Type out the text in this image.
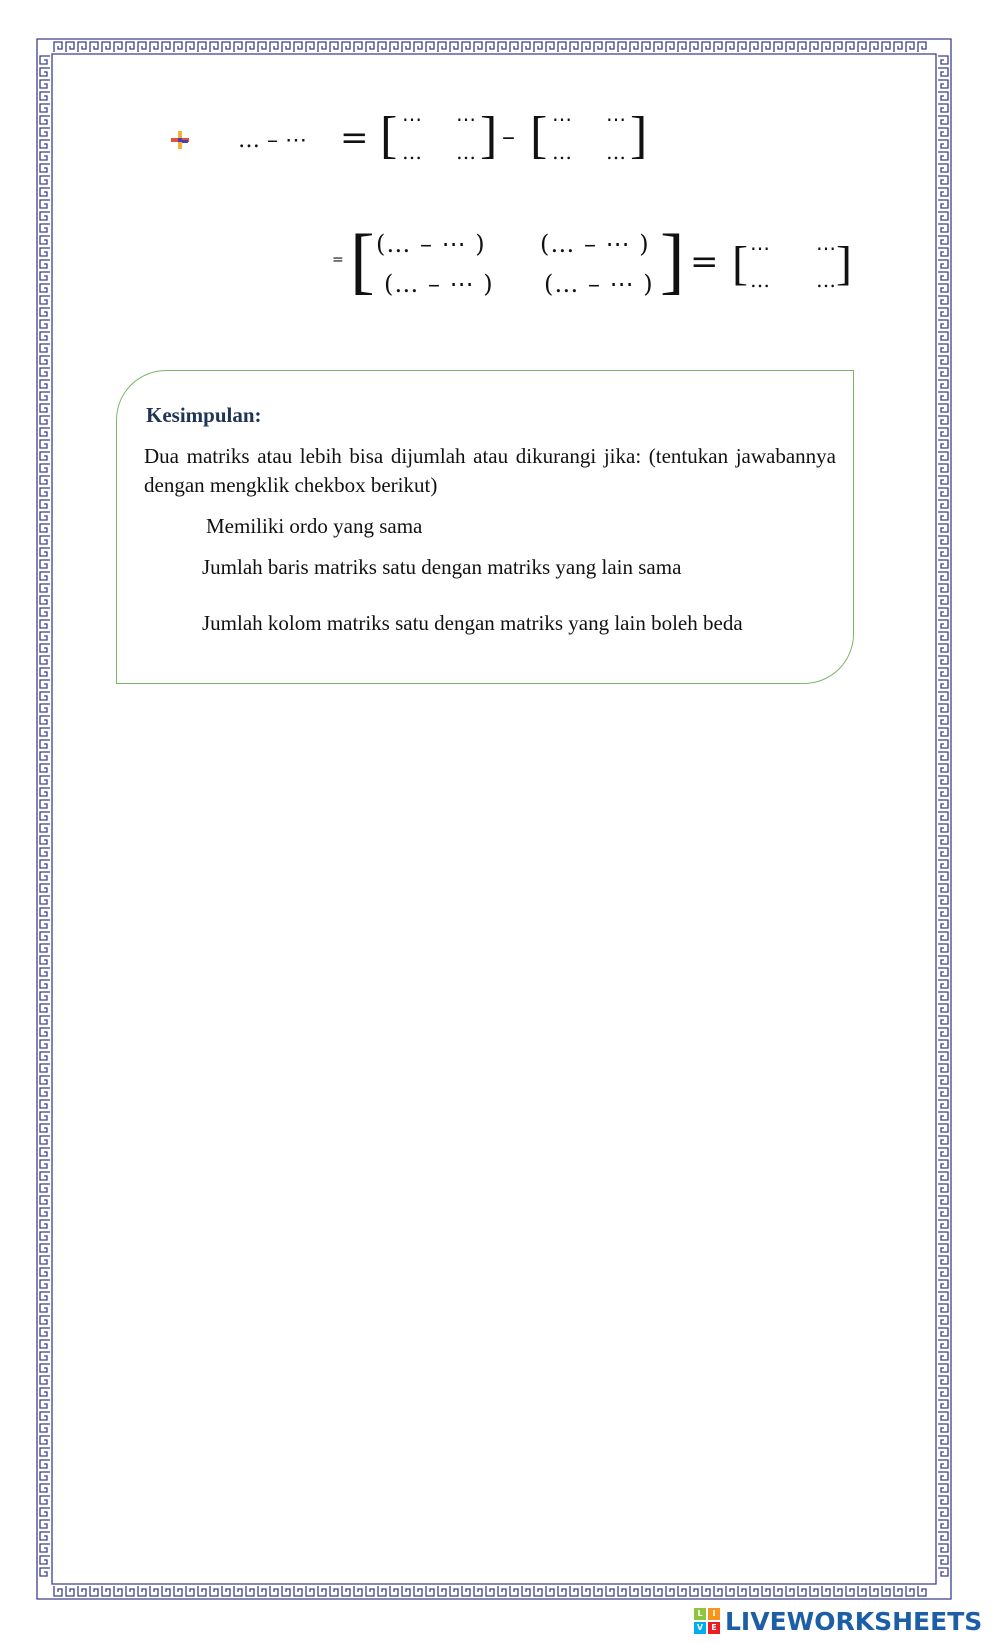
… – ⋯ = [ ⋯ ⋯
… … ] – [ ⋯ ⋯
… … ]
= [ (… – ⋯ ) (… – ⋯ )
(… – ⋯ ) (… – ⋯ ) ] = [ ⋯ ⋯
… … ]
Kesimpulan:
Dua matriks atau lebih bisa dijumlah atau dikurangi jika: (tentukan jawabannya dengan mengklik chekbox berikut)
Memiliki ordo yang sama
Jumlah baris matriks satu dengan matriks yang lain sama
Jumlah kolom matriks satu dengan matriks yang lain boleh beda
L	I
V	E LIVEWORKSHEETS
